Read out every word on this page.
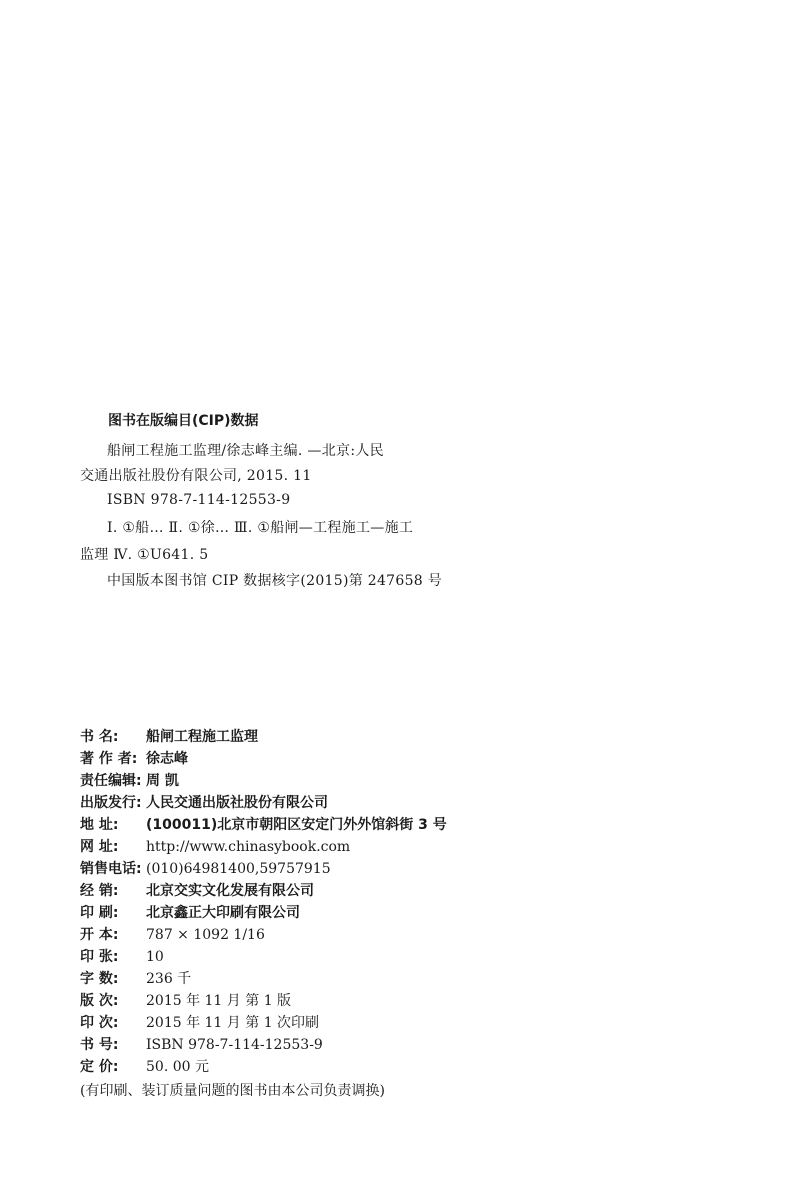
图书在版编目(CIP)数据
船闸工程施工监理/徐志峰主编. —北京:人民
交通出版社股份有限公司, 2015. 11
ISBN 978-7-114-12553-9
Ⅰ. ①船… Ⅱ. ①徐… Ⅲ. ①船闸—工程施工—施工
监理 Ⅳ. ①U641. 5
中国版本图书馆 CIP 数据核字(2015)第 247658 号
书 名: 船闸工程施工监理
著 作 者: 徐志峰
责任编辑: 周 凯
出版发行: 人民交通出版社股份有限公司
地 址: (100011)北京市朝阳区安定门外外馆斜街 3 号
网 址: http://www.chinasybook.com
销售电话: (010)64981400,59757915
经 销: 北京交实文化发展有限公司
印 刷: 北京鑫正大印刷有限公司
开 本: 787 × 1092 1/16
印 张: 10
字 数: 236 千
版 次: 2015 年 11 月 第 1 版
印 次: 2015 年 11 月 第 1 次印刷
书 号: ISBN 978-7-114-12553-9
定 价: 50. 00 元
(有印刷、装订质量问题的图书由本公司负责调换)
